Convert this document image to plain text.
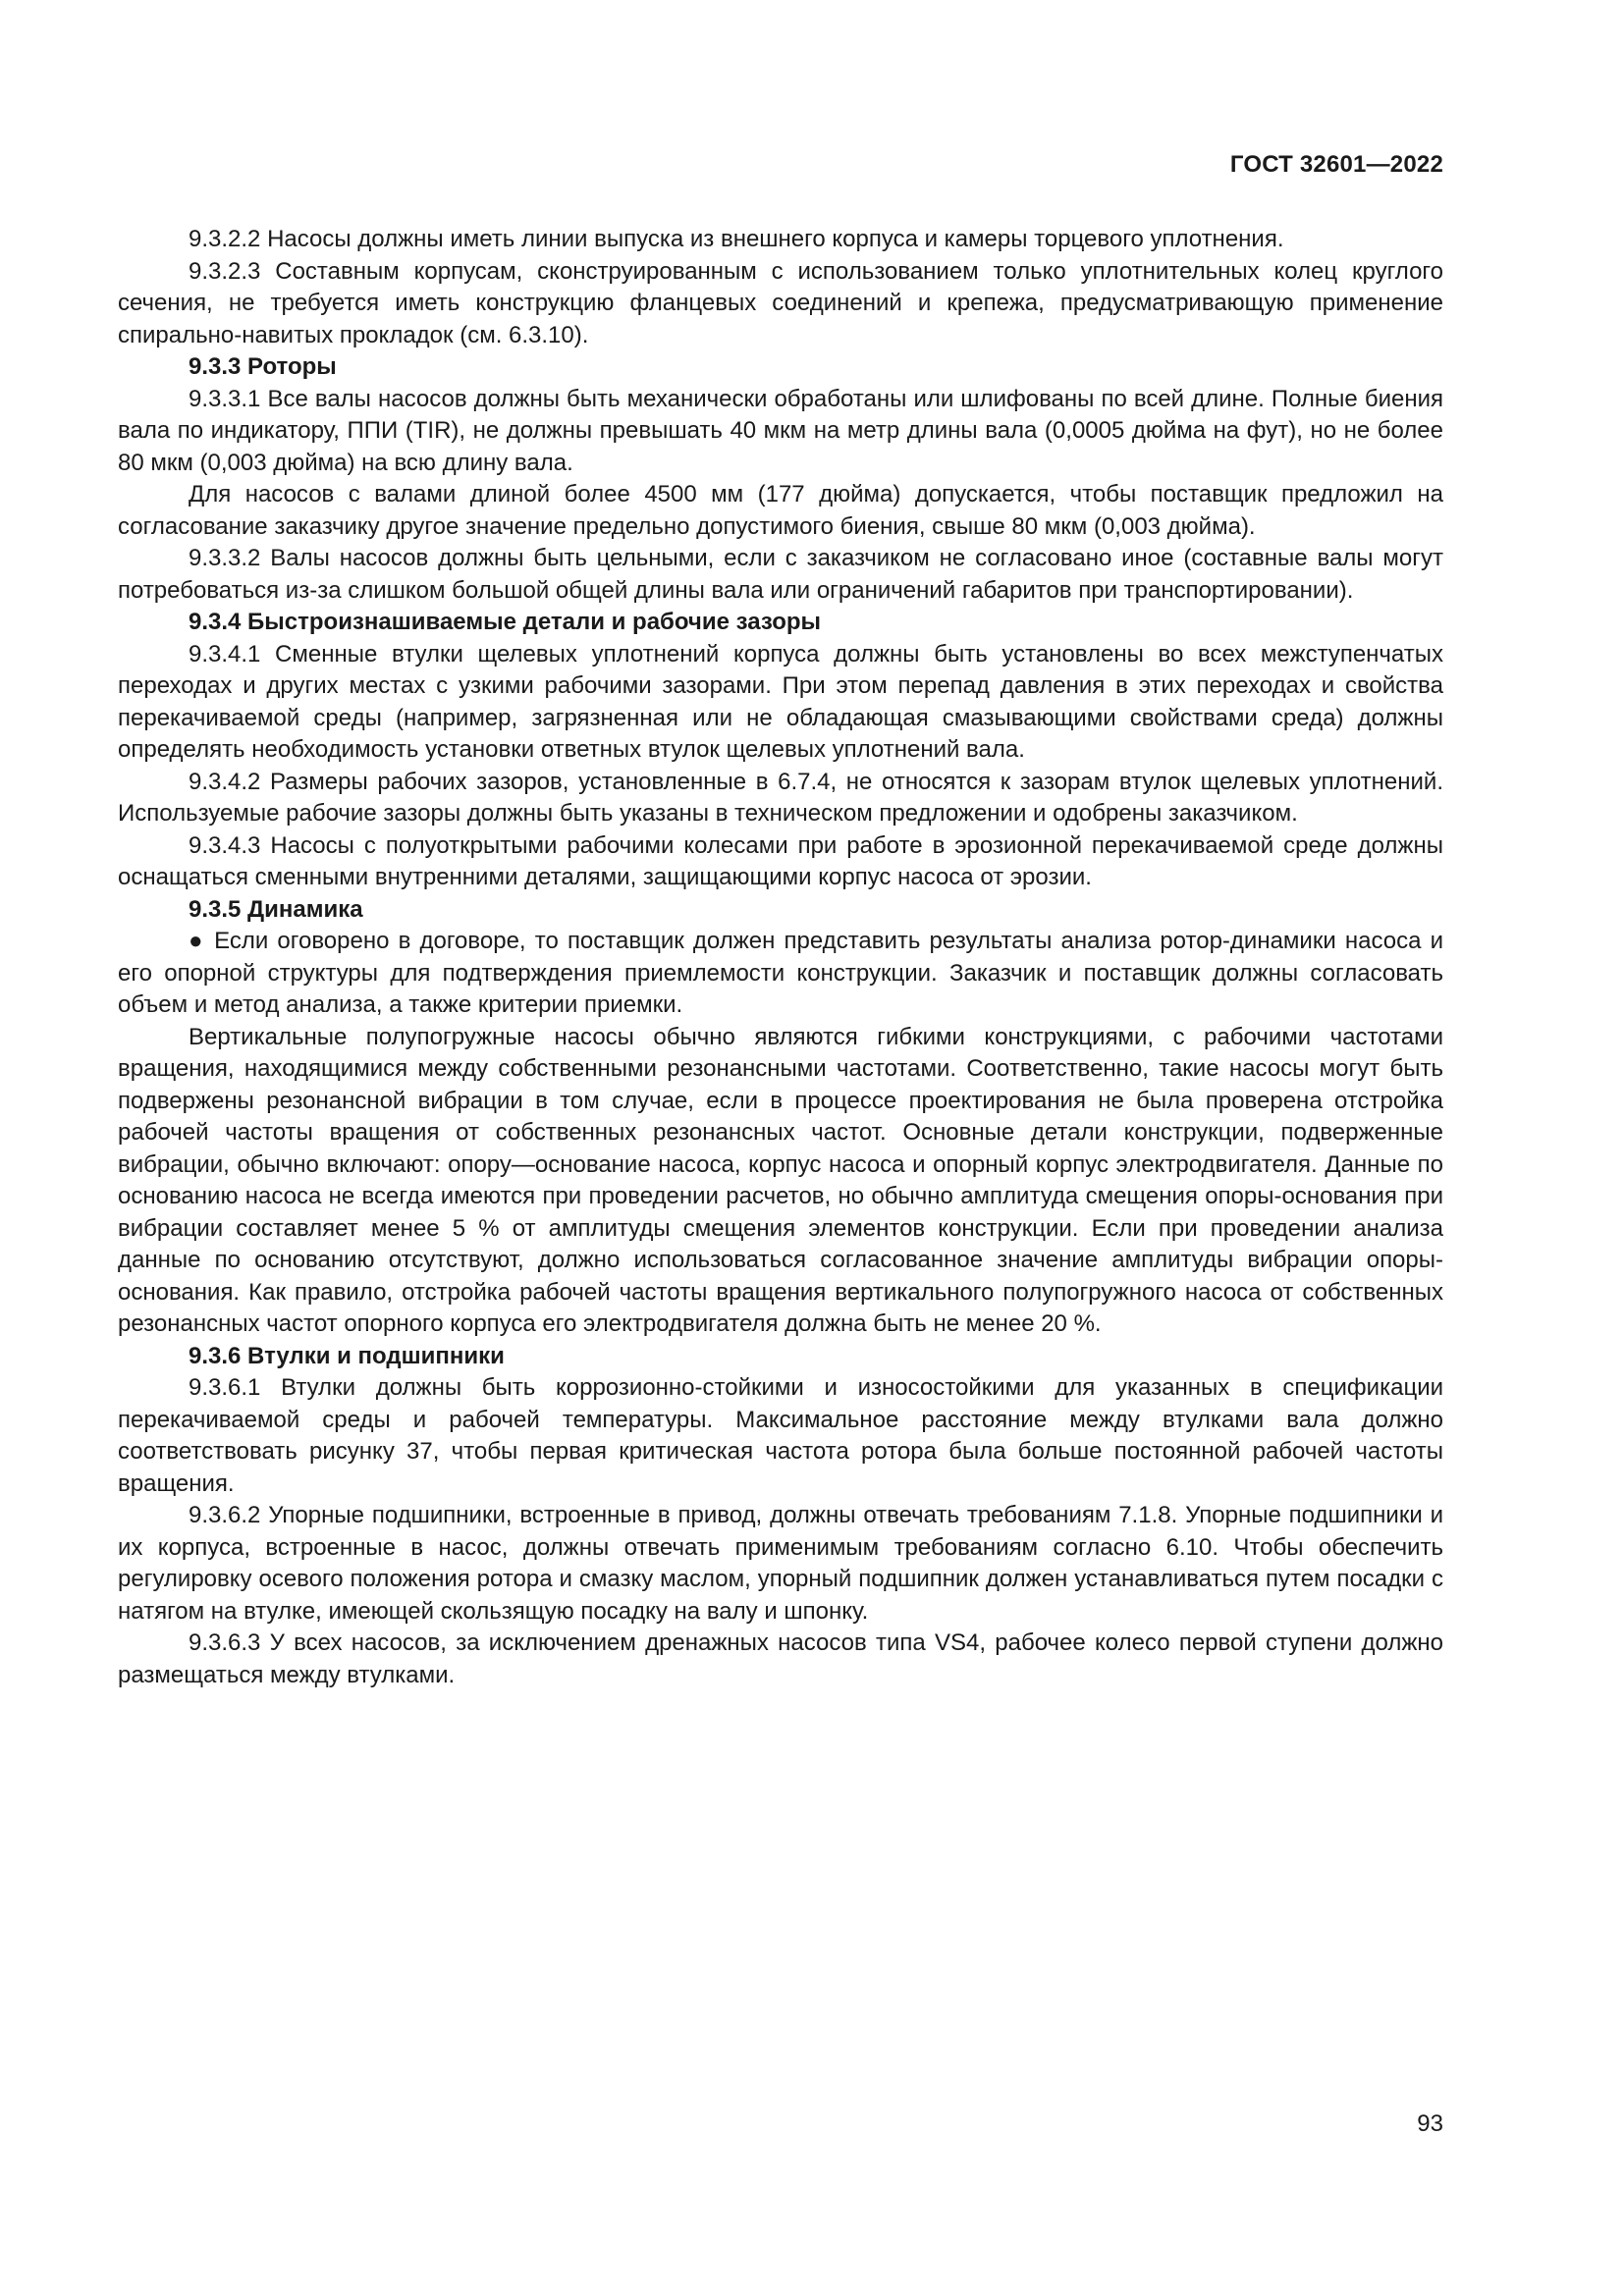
ГОСТ 32601—2022

9.3.2.2 Насосы должны иметь линии выпуска из внешнего корпуса и камеры торцевого уплотнения.

9.3.2.3 Составным корпусам, сконструированным с использованием только уплотнительных колец круглого сечения, не требуется иметь конструкцию фланцевых соединений и крепежа, предусматривающую применение спирально-навитых прокладок (см. 6.3.10).

9.3.3 Роторы

9.3.3.1 Все валы насосов должны быть механически обработаны или шлифованы по всей длине. Полные биения вала по индикатору, ППИ (TIR), не должны превышать 40 мкм на метр длины вала (0,0005 дюйма на фут), но не более 80 мкм (0,003 дюйма) на всю длину вала.

Для насосов с валами длиной более 4500 мм (177 дюйма) допускается, чтобы поставщик предложил на согласование заказчику другое значение предельно допустимого биения, свыше 80 мкм (0,003 дюйма).

9.3.3.2 Валы насосов должны быть цельными, если с заказчиком не согласовано иное (составные валы могут потребоваться из-за слишком большой общей длины вала или ограничений габаритов при транспортировании).

9.3.4 Быстроизнашиваемые детали и рабочие зазоры

9.3.4.1 Сменные втулки щелевых уплотнений корпуса должны быть установлены во всех межступенчатых переходах и других местах с узкими рабочими зазорами. При этом перепад давления в этих переходах и свойства перекачиваемой среды (например, загрязненная или не обладающая смазывающими свойствами среда) должны определять необходимость установки ответных втулок щелевых уплотнений вала.

9.3.4.2 Размеры рабочих зазоров, установленные в 6.7.4, не относятся к зазорам втулок щелевых уплотнений. Используемые рабочие зазоры должны быть указаны в техническом предложении и одобрены заказчиком.

9.3.4.3 Насосы с полуоткрытыми рабочими колесами при работе в эрозионной перекачиваемой среде должны оснащаться сменными внутренними деталями, защищающими корпус насоса от эрозии.

9.3.5 Динамика

● Если оговорено в договоре, то поставщик должен представить результаты анализа ротор-динамики насоса и его опорной структуры для подтверждения приемлемости конструкции. Заказчик и поставщик должны согласовать объем и метод анализа, а также критерии приемки.

Вертикальные полупогружные насосы обычно являются гибкими конструкциями, с рабочими частотами вращения, находящимися между собственными резонансными частотами. Соответственно, такие насосы могут быть подвержены резонансной вибрации в том случае, если в процессе проектирования не была проверена отстройка рабочей частоты вращения от собственных резонансных частот. Основные детали конструкции, подверженные вибрации, обычно включают: опору—основание насоса, корпус насоса и опорный корпус электродвигателя. Данные по основанию насоса не всегда имеются при проведении расчетов, но обычно амплитуда смещения опоры-основания при вибрации составляет менее 5 % от амплитуды смещения элементов конструкции. Если при проведении анализа данные по основанию отсутствуют, должно использоваться согласованное значение амплитуды вибрации опоры-основания. Как правило, отстройка рабочей частоты вращения вертикального полупогружного насоса от собственных резонансных частот опорного корпуса его электродвигателя должна быть не менее 20 %.

9.3.6 Втулки и подшипники

9.3.6.1 Втулки должны быть коррозионно-стойкими и износостойкими для указанных в спецификации перекачиваемой среды и рабочей температуры. Максимальное расстояние между втулками вала должно соответствовать рисунку 37, чтобы первая критическая частота ротора была больше постоянной рабочей частоты вращения.

9.3.6.2 Упорные подшипники, встроенные в привод, должны отвечать требованиям 7.1.8. Упорные подшипники и их корпуса, встроенные в насос, должны отвечать применимым требованиям согласно 6.10. Чтобы обеспечить регулировку осевого положения ротора и смазку маслом, упорный подшипник должен устанавливаться путем посадки с натягом на втулке, имеющей скользящую посадку на валу и шпонку.

9.3.6.3 У всех насосов, за исключением дренажных насосов типа VS4, рабочее колесо первой ступени должно размещаться между втулками.

93
